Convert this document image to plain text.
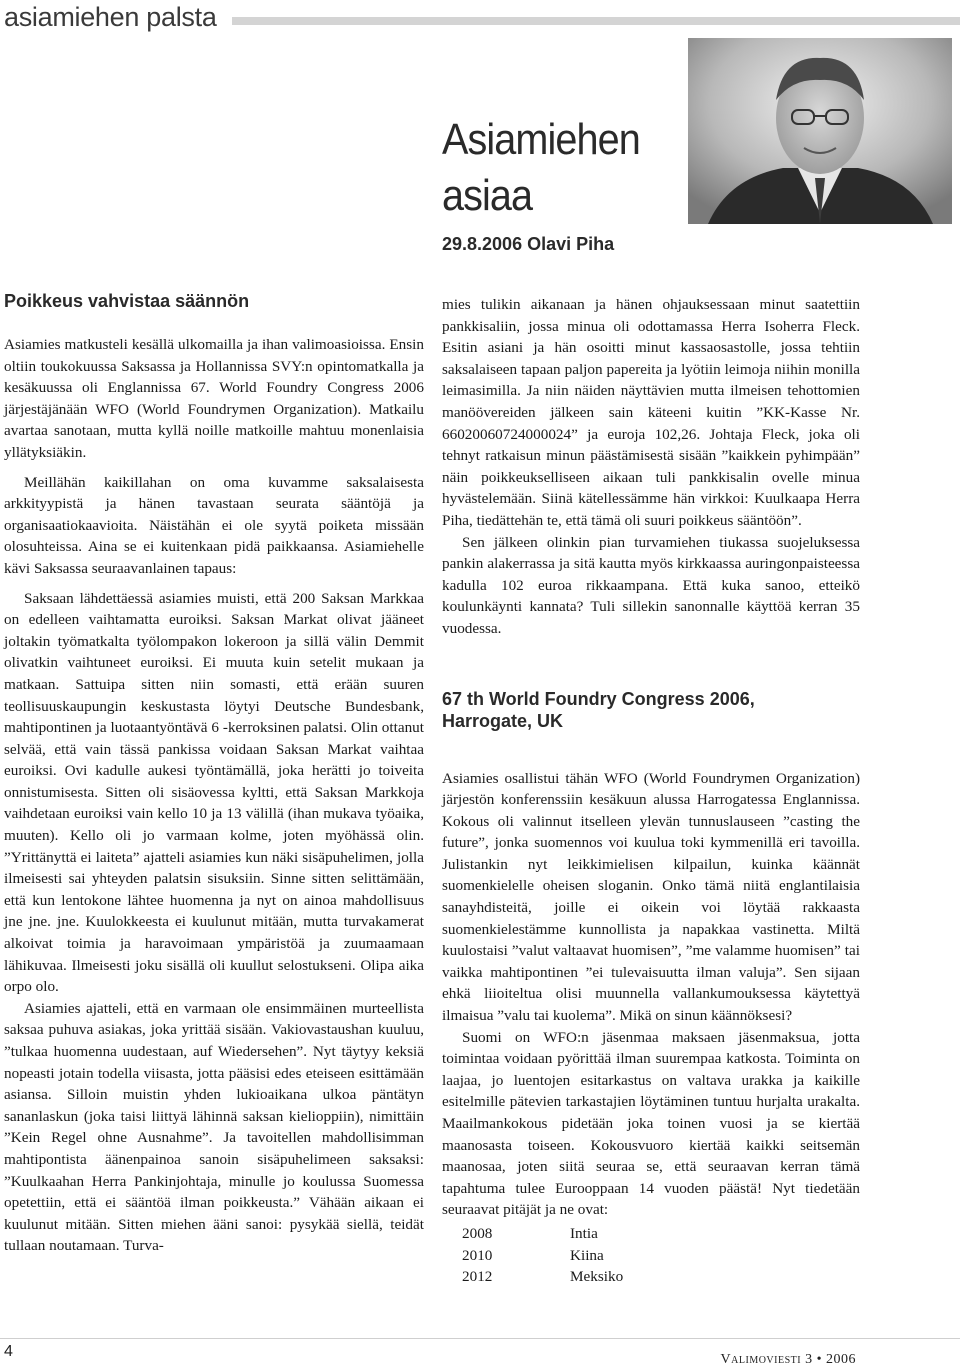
asiamiehen palsta
Asiamiehen
asiaa
29.8.2006 Olavi Piha
Poikkeus vahvistaa säännön

Asiamies matkusteli kesällä ulkomailla ja ihan valimoasioissa. Ensin oltiin toukokuussa Saksassa ja Hollannissa SVY:n opintomatkalla ja kesäkuussa oli Englannissa 67. World Foundry Congress 2006 järjestäjänään WFO (World Foundrymen Organization). Matkailu avartaa sanotaan, mutta kyllä noille matkoille mahtuu monenlaisia yllätyksiäkin.

Meillähän kaikillahan on oma kuvamme saksalaisesta arkkityypistä ja hänen tavastaan seurata sääntöjä ja organisaatiokaavioita. Näistähän ei ole syytä poiketa missään olosuhteissa. Aina se ei kuitenkaan pidä paikkaansa. Asiamiehelle kävi Saksassa seuraavanlainen tapaus:

Saksaan lähdettäessä asiamies muisti, että 200 Saksan Markkaa on edelleen vaihtamatta euroiksi. Saksan Markat olivat jääneet joltakin työmatkalta työlompakon lokeroon ja sillä välin Demmit olivatkin vaihtuneet euroiksi. Ei muuta kuin setelit mukaan ja matkaan. Sattuipa sitten niin somasti, että erään suuren teollisuuskaupungin keskustasta löytyi Deutsche Bundesbank, mahtipontinen ja luotaantyöntävä 6 -kerroksinen palatsi. Olin ottanut selvää, että vain tässä pankissa voidaan Saksan Markat vaihtaa euroiksi. Ovi kadulle aukesi työntämällä, joka herätti jo toiveita onnistumisesta. Sitten oli sisäovessa kyltti, että Saksan Markkoja vaihdetaan euroiksi vain kello 10 ja 13 välillä (ihan mukava työaika, muuten). Kello oli jo varmaan kolme, joten myöhässä olin. ”Yrittänyttä ei laiteta” ajatteli asiamies kun näki sisäpuhelimen, jolla ilmeisesti sai yhteyden palatsin sisuksiin. Sinne sitten selittämään, että kun lentokone lähtee huomenna ja nyt on ainoa mahdollisuus jne jne. jne. Kuulokkeesta ei kuulunut mitään, mutta turvakamerat alkoivat toimia ja haravoimaan ympäristöä ja zuumaamaan lähikuvaa. Ilmeisesti joku sisällä oli kuullut selostukseni. Olipa aika orpo olo.

Asiamies ajatteli, että en varmaan ole ensimmäinen murteellista saksaa puhuva asiakas, joka yrittää sisään. Vakiovastaushan kuuluu, ”tulkaa huomenna uudestaan, auf Wiedersehen”. Nyt täytyy keksiä nopeasti jotain todella viisasta, jotta pääsisi edes eteiseen esittämään asiansa. Silloin muistin yhden lukioaikana ulkoa päntätyn sananlaskun (joka taisi liittyä lähinnä saksan kielioppiin), nimittäin ”Kein Regel ohne Ausnahme”. Ja tavoitellen mahdollisimman mahtipontista äänenpainoa sanoin sisäpuhelimeen saksaksi: ”Kuulkaahan Herra Pankinjohtaja, minulle jo koulussa Suomessa opetettiin, että ei sääntöä ilman poikkeusta.” Vähään aikaan ei kuulunut mitään. Sitten miehen ääni sanoi: pysykää siellä, teidät tullaan noutamaan. Turva-

mies tulikin aikanaan ja hänen ohjauksessaan minut saatettiin pankkisaliin, jossa minua oli odottamassa Herra Isoherra Fleck. Esitin asiani ja hän osoitti minut kassaosastolle, jossa tehtiin saksalaiseen tapaan paljon papereita ja lyötiin leimoja niihin monilla leimasimilla. Ja niin näiden näyttävien mutta ilmeisen tehottomien manöövereiden jälkeen sain käteeni kuitin ”KK-Kasse Nr. 66020060724000024” ja euroja 102,26. Johtaja Fleck, joka oli tehnyt ratkaisun minun päästämisestä sisään ”kaikkein pyhimpään” näin poikkeukselliseen aikaan tuli pankkisalin ovelle minua hyvästelemään. Siinä kätellessämme hän virkkoi: Kuulkaapa Herra Piha, tiedättehän te, että tämä oli suuri poikkeus sääntöön”.

Sen jälkeen olinkin pian turvamiehen tiukassa suojeluksessa pankin alakerrassa ja sitä kautta myös kirkkaassa auringonpaisteessa kadulla 102 euroa rikkaampana. Että kuka sanoo, etteikö koulunkäynti kannata? Tuli sillekin sanonnalle käyttöä kerran 35 vuodessa.

67 th World Foundry Congress 2006,
Harrogate, UK

Asiamies osallistui tähän WFO (World Foundrymen Organization) järjestön konferenssiin kesäkuun alussa Harrogatessa Englannissa. Kokous oli valinnut itselleen ylevän tunnuslauseen ”casting the future”, jonka suomennos voi kuulua toki kymmenillä eri tavoilla. Julistankin nyt leikkimielisen kilpailun, kuinka käännät suomenkielelle oheisen sloganin. Onko tämä niitä englantilaisia sanayhdisteitä, joille ei oikein voi löytää rakkaasta suomenkielestämme kunnollista ja napakkaa vastinetta. Miltä kuulostaisi ”valut valtaavat huomisen”, ”me valamme huomisen” tai vaikka mahtipontinen ”ei tulevaisuutta ilman valuja”. Sen sijaan ehkä liioiteltua olisi muunnella vallankumouksessa käytettyä ilmaisua ”valu tai kuolema”. Mikä on sinun käännöksesi?

Suomi on WFO:n jäsenmaa maksaen jäsenmaksua, jotta toimintaa voidaan pyörittää ilman suurempaa katkosta. Toiminta on laajaa, jo luentojen esitarkastus on valtava urakka ja kaikille esitelmille pätevien tarkastajien löytäminen tuntuu hurjalta urakalta. Maailmankokous pidetään joka toinen vuosi ja se kiertää maanosasta toiseen. Kokousvuoro kiertää kaikki seitsemän maanosaa, joten siitä seuraa se, että seuraavan kerran tämä tapahtuma tulee Eurooppaan 14 vuoden päästä! Nyt tiedetään seuraavat pitäjät ja ne ovat:

2008	Intia
2010	Kiina
2012	Meksiko
4	Valimoviesti 3 • 2006
